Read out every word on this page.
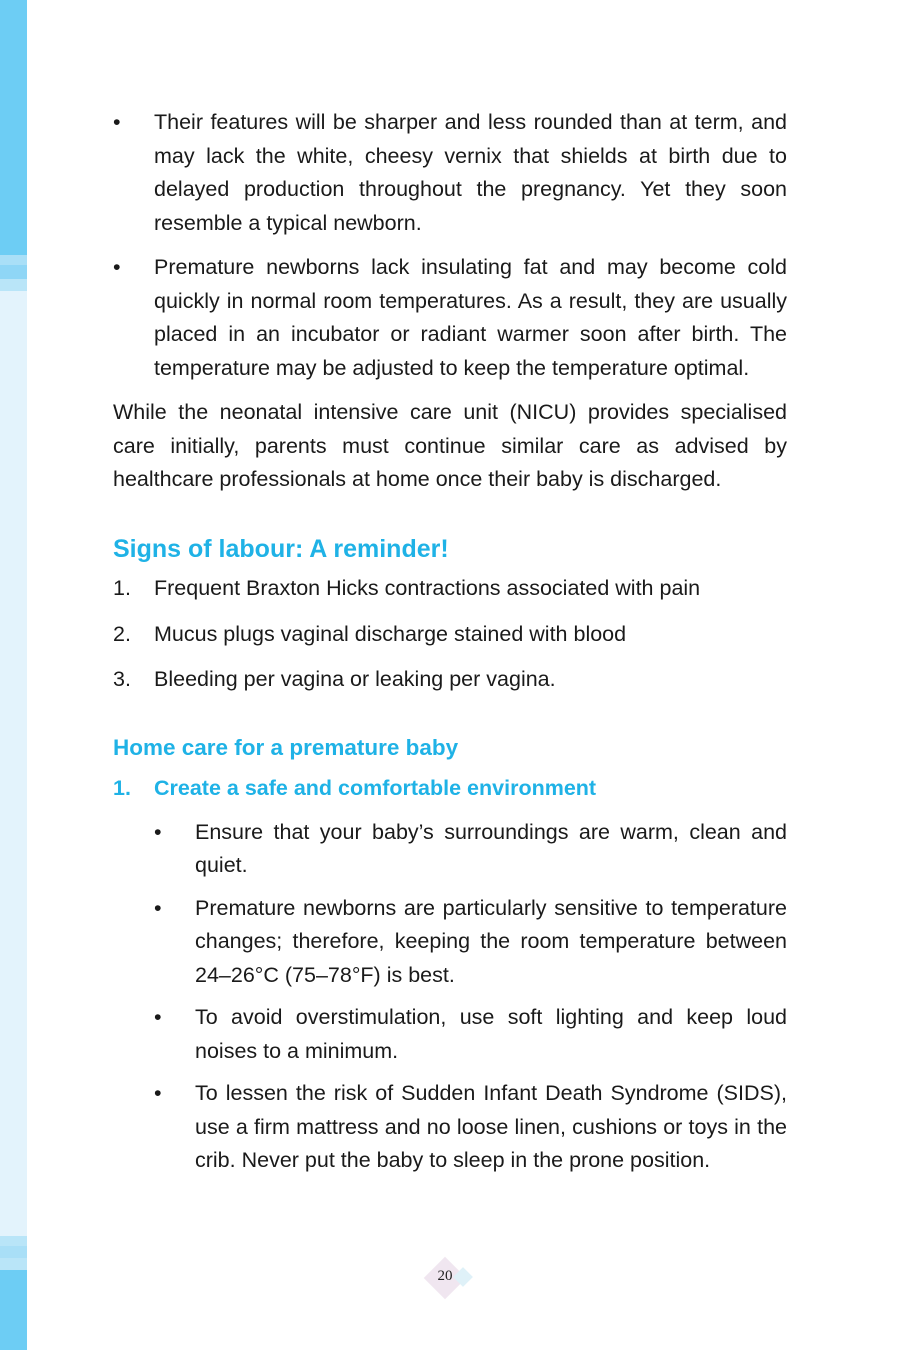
• Their features will be sharper and less rounded than at term, and may lack the white, cheesy vernix that shields at birth due to delayed production throughout the pregnancy. Yet they soon resemble a typical newborn.
• Premature newborns lack insulating fat and may become cold quickly in normal room temperatures. As a result, they are usually placed in an incubator or radiant warmer soon after birth. The temperature may be adjusted to keep the temperature optimal.

While the neonatal intensive care unit (NICU) provides specialised care initially, parents must continue similar care as advised by healthcare professionals at home once their baby is discharged.

Signs of labour: A reminder!
1. Frequent Braxton Hicks contractions associated with pain
2. Mucus plugs vaginal discharge stained with blood
3. Bleeding per vagina or leaking per vagina.
Home care for a premature baby
1. Create a safe and comfortable environment
• Ensure that your baby’s surroundings are warm, clean and quiet.
• Premature newborns are particularly sensitive to temperature changes; therefore, keeping the room temperature between 24–26°C (75–78°F) is best.
• To avoid overstimulation, use soft lighting and keep loud noises to a minimum.
• To lessen the risk of Sudden Infant Death Syndrome (SIDS), use a firm mattress and no loose linen, cushions or toys in the crib. Never put the baby to sleep in the prone position.
20
